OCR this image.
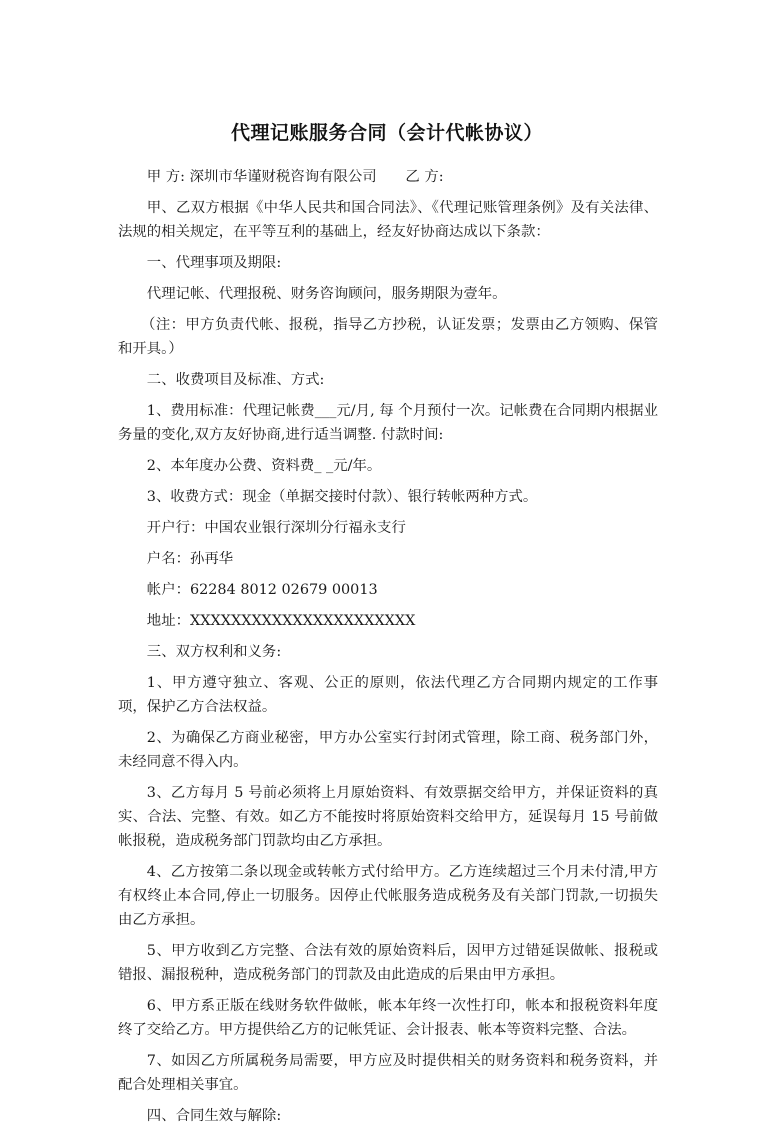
代理记账服务合同（会计代帐协议）

甲 方: 深圳市华谨财税咨询有限公司　　乙 方:

甲、乙双方根据《中华人民共和国合同法》、《代理记账管理条例》及有关法律、法规的相关规定，在平等互利的基础上，经友好协商达成以下条款：

一、代理事项及期限:

代理记帐、代理报税、财务咨询顾问，服务期限为壹年。

（注：甲方负责代帐、报税，指导乙方抄税，认证发票；发票由乙方领购、保管和开具。）

二、收费项目及标准、方式:

1、费用标准：代理记帐费___元/月, 每 个月预付一次。记帐费在合同期内根据业务量的变化,双方友好协商,进行适当调整. 付款时间:

2、本年度办公费、资料费_ _元/年。

3、收费方式：现金（单据交接时付款）、银行转帐两种方式。

开户行：中国农业银行深圳分行福永支行

户名：孙再华

帐户：62284 8012 02679 00013

地址：XXXXXXXXXXXXXXXXXXXXXX

三、双方权利和义务:

1、甲方遵守独立、客观、公正的原则，依法代理乙方合同期内规定的工作事项，保护乙方合法权益。

2、为确保乙方商业秘密，甲方办公室实行封闭式管理，除工商、税务部门外，未经同意不得入内。

3、乙方每月 5 号前必须将上月原始资料、有效票据交给甲方，并保证资料的真实、合法、完整、有效。如乙方不能按时将原始资料交给甲方，延误每月 15 号前做帐报税，造成税务部门罚款均由乙方承担。

4、乙方按第二条以现金或转帐方式付给甲方。乙方连续超过三个月未付清,甲方有权终止本合同,停止一切服务。因停止代帐服务造成税务及有关部门罚款,一切损失由乙方承担。

5、甲方收到乙方完整、合法有效的原始资料后，因甲方过错延误做帐、报税或错报、漏报税种，造成税务部门的罚款及由此造成的后果由甲方承担。

6、甲方系正版在线财务软件做帐，帐本年终一次性打印，帐本和报税资料年度终了交给乙方。甲方提供给乙方的记帐凭证、会计报表、帐本等资料完整、合法。

7、如因乙方所属税务局需要，甲方应及时提供相关的财务资料和税务资料，并配合处理相关事宜。

四、合同生效与解除:
